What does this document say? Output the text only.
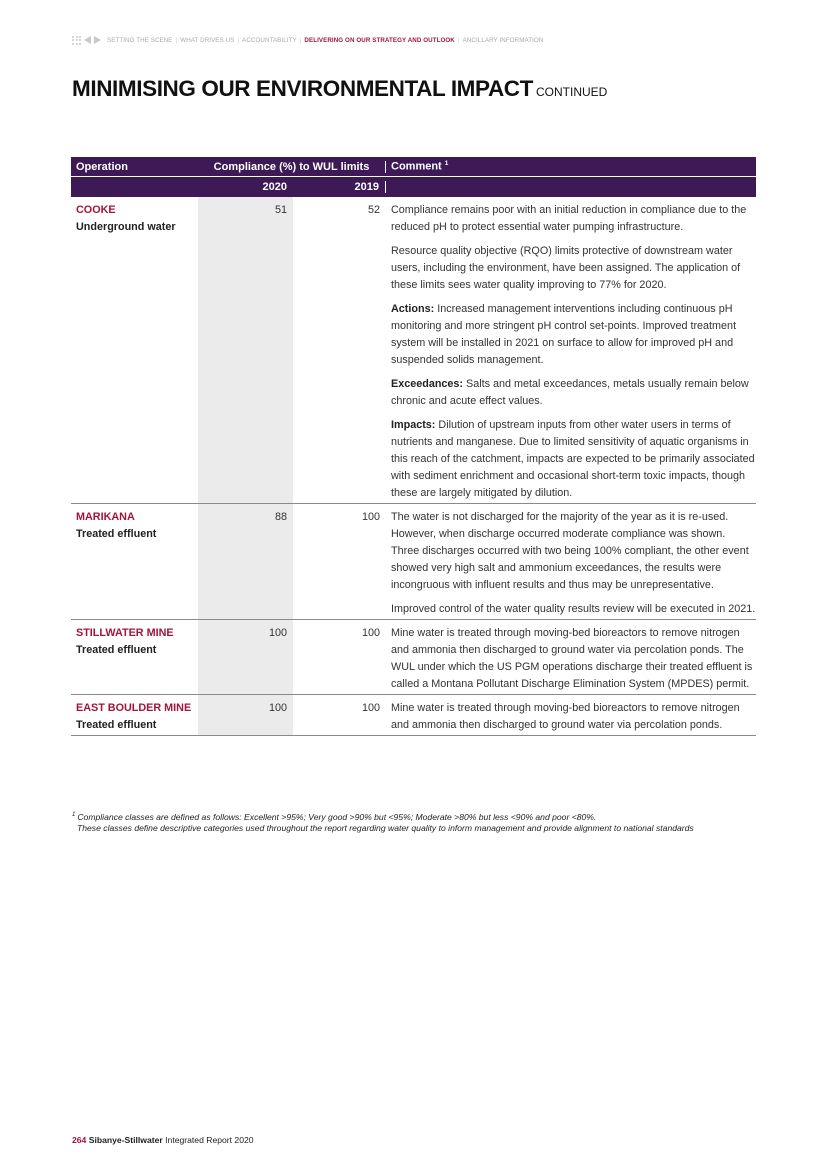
SETTING THE SCENE | WHAT DRIVES US | ACCOUNTABILITY | DELIVERING ON OUR STRATEGY AND OUTLOOK | ANCILLARY INFORMATION
MINIMISING OUR ENVIRONMENTAL IMPACT CONTINUED
Operation	Compliance (%) to WUL limits	Comment $^1$
2020	2019
COOKE
Underground water
51	52	Compliance remains poor with an initial reduction in compliance due to the reduced pH to protect essential water pumping infrastructure.

Resource quality objective (RQO) limits protective of downstream water users, including the environment, have been assigned. The application of these limits sees water quality improving to 77% for 2020.

Actions: Increased management interventions including continuous pH monitoring and more stringent pH control set-points. Improved treatment system will be installed in 2021 on surface to allow for improved pH and suspended solids management.

Exceedances: Salts and metal exceedances, metals usually remain below chronic and acute effect values.

Impacts: Dilution of upstream inputs from other water users in terms of nutrients and manganese. Due to limited sensitivity of aquatic organisms in this reach of the catchment, impacts are expected to be primarily associated with sediment enrichment and occasional short-term toxic impacts, though these are largely mitigated by dilution.

MARIKANA
Treated effluent
88	100	The water is not discharged for the majority of the year as it is re-used. However, when discharge occurred moderate compliance was shown. Three discharges occurred with two being 100% compliant, the other event showed very high salt and ammonium exceedances, the results were incongruous with influent results and thus may be unrepresentative.

Improved control of the water quality results review will be executed in 2021.

STILLWATER MINE
Treated effluent
100	100	Mine water is treated through moving-bed bioreactors to remove nitrogen and ammonia then discharged to ground water via percolation ponds. The WUL under which the US PGM operations discharge their treated effluent is called a Montana Pollutant Discharge Elimination System (MPDES) permit.

EAST BOULDER MINE
Treated effluent
100	100	Mine water is treated through moving-bed bioreactors to remove nitrogen and ammonia then discharged to ground water via percolation ponds.

$^1$ Compliance classes are defined as follows: Excellent >95%; Very good >90% but <95%; Moderate >80% but less <90% and poor <80%.
These classes define descriptive categories used throughout the report regarding water quality to inform management and provide alignment to national standards
264 Sibanye-Stillwater Integrated Report 2020
